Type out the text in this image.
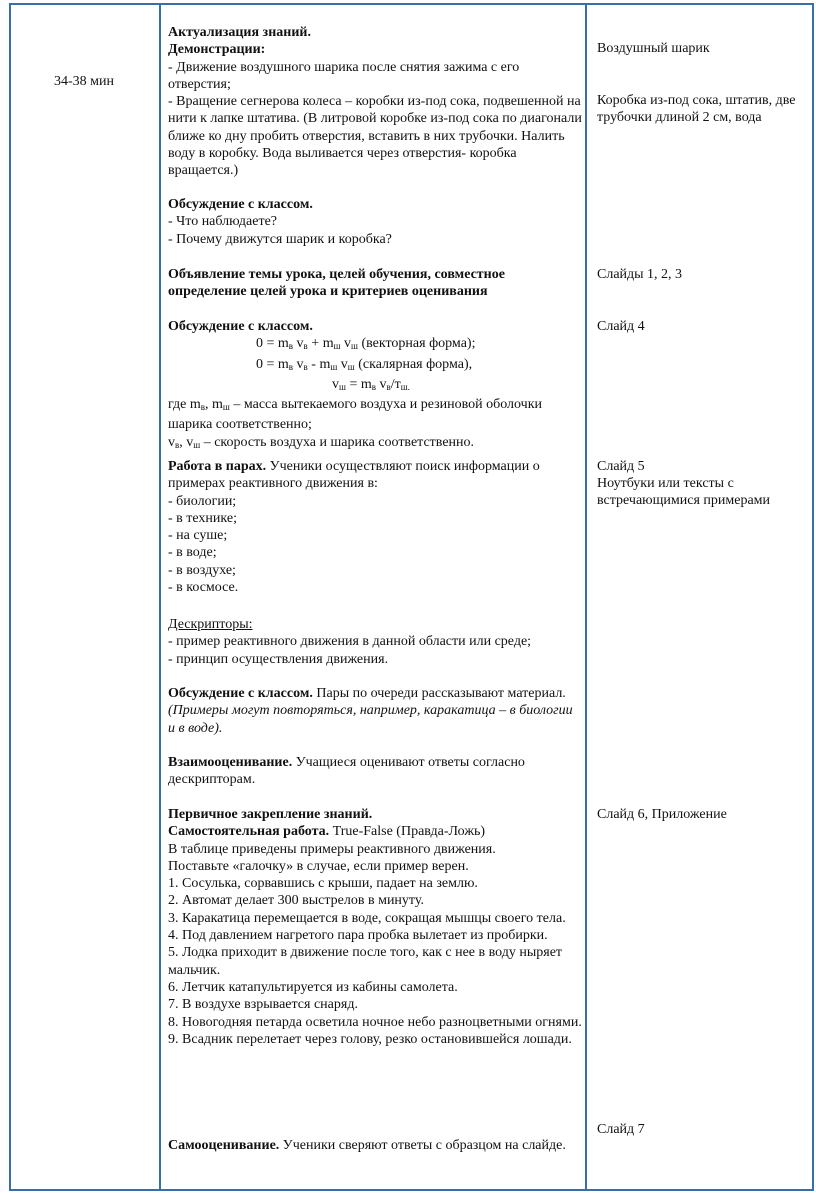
34-38 мин
Актуализация знаний.
Демонстрации:
- Движение воздушного шарика после снятия зажима с его отверстия;
- Вращение сегнерова колеса – коробки из-под сока, подвешенной на нити к лапке штатива. (В литровой коробке из-под сока по диагонали ближе ко дну пробить отверстия, вставить в них трубочки. Налить воду в коробку. Вода выливается через отверстия- коробка вращается.)
Обсуждение с классом.
- Что наблюдаете?
- Почему движутся шарик и коробка?
Объявление темы урока, целей обучения, совместное определение целей урока и критериев оценивания
Обсуждение с классом.
$0 = m_в$ $v_в + m_ш$ $v_ш$ (векторная форма);
$0 = m_в$ $v_в - m_ш$ $v_ш$ (скалярная форма),
$v_ш = m_в$ $v_в/т_{ш.}$
где $m_в$, $m_ш$ – масса вытекаемого воздуха и резиновой оболочки шарика соответственно;
$v_в$, $v_ш$ – скорость воздуха и шарика соответственно.
Работа в парах. Ученики осуществляют поиск информации о примерах реактивного движения в:
- биологии;
- в технике;
- на суше;
- в воде;
- в воздухе;
- в космосе.
Дескрипторы:
- пример реактивного движения в данной области или среде;
- принцип осуществления движения.
Обсуждение с классом. Пары по очереди рассказывают материал. (Примеры могут повторяться, например, каракатица – в биологии и в воде).
Взаимооценивание. Учащиеся оценивают ответы согласно дескрипторам.
Первичное закрепление знаний.
Самостоятельная работа. True-False (Правда-Ложь)
В таблице приведены примеры реактивного движения.
Поставьте «галочку» в случае, если пример верен.
1. Сосулька, сорвавшись с крыши, падает на землю.
2. Автомат делает 300 выстрелов в минуту.
3. Каракатица перемещается в воде, сокращая мышцы своего тела.
4. Под давлением нагретого пара пробка вылетает из пробирки.
5. Лодка приходит в движение после того, как с нее в воду ныряет мальчик.
6. Летчик катапультируется из кабины самолета.
7. В воздухе взрывается снаряд.
8. Новогодняя петарда осветила ночное небо разноцветными огнями.
9. Всадник перелетает через голову, резко остановившейся лошади.
Самооценивание. Ученики сверяют ответы с образцом на слайде.
Воздушный шарик
Коробка из-под сока, штатив, две трубочки длиной 2 см, вода
Слайды 1, 2, 3
Слайд 4
Слайд 5
Ноутбуки или тексты с встречающимися примерами
Слайд 6, Приложение
Слайд 7
